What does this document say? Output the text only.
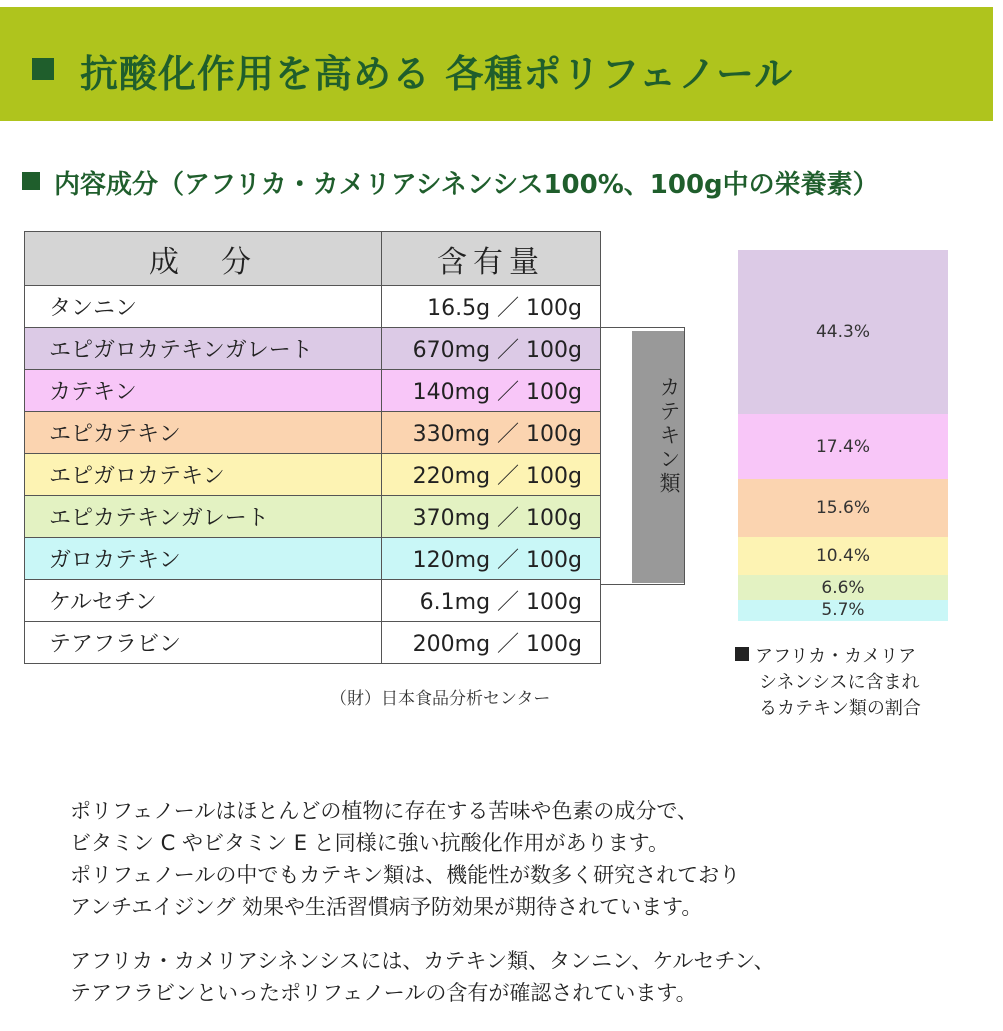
抗酸化作用を高める 各種ポリフェノール
内容成分（アフリカ・カメリアシネンシス100%、100g中の栄養素）
成　分	含有量
タンニン	16.5g ／ 100g
エピガロカテキンガレート	670mg ／ 100g
カテキン	140mg ／ 100g
エピカテキン	330mg ／ 100g
エピガロカテキン	220mg ／ 100g
エピカテキンガレート	370mg ／ 100g
ガロカテキン	120mg ／ 100g
ケルセチン	6.1mg ／ 100g
テアフラビン	200mg ／ 100g
（財）日本食品分析センター
カテキン類
44.3%
17.4%
15.6%
10.4%
6.6%
5.7%
アフリカ・カメリア
シネンシスに含まれ
るカテキン類の割合
ポリフェノールはほとんどの植物に存在する苦味や色素の成分で、
ビタミン C やビタミン E と同様に強い抗酸化作用があります。
ポリフェノールの中でもカテキン類は、機能性が数多く研究されており
アンチエイジング 効果や生活習慣病予防効果が期待されています。
アフリカ・カメリアシネンシスには、カテキン類、タンニン、ケルセチン、
テアフラビンといったポリフェノールの含有が確認されています。
